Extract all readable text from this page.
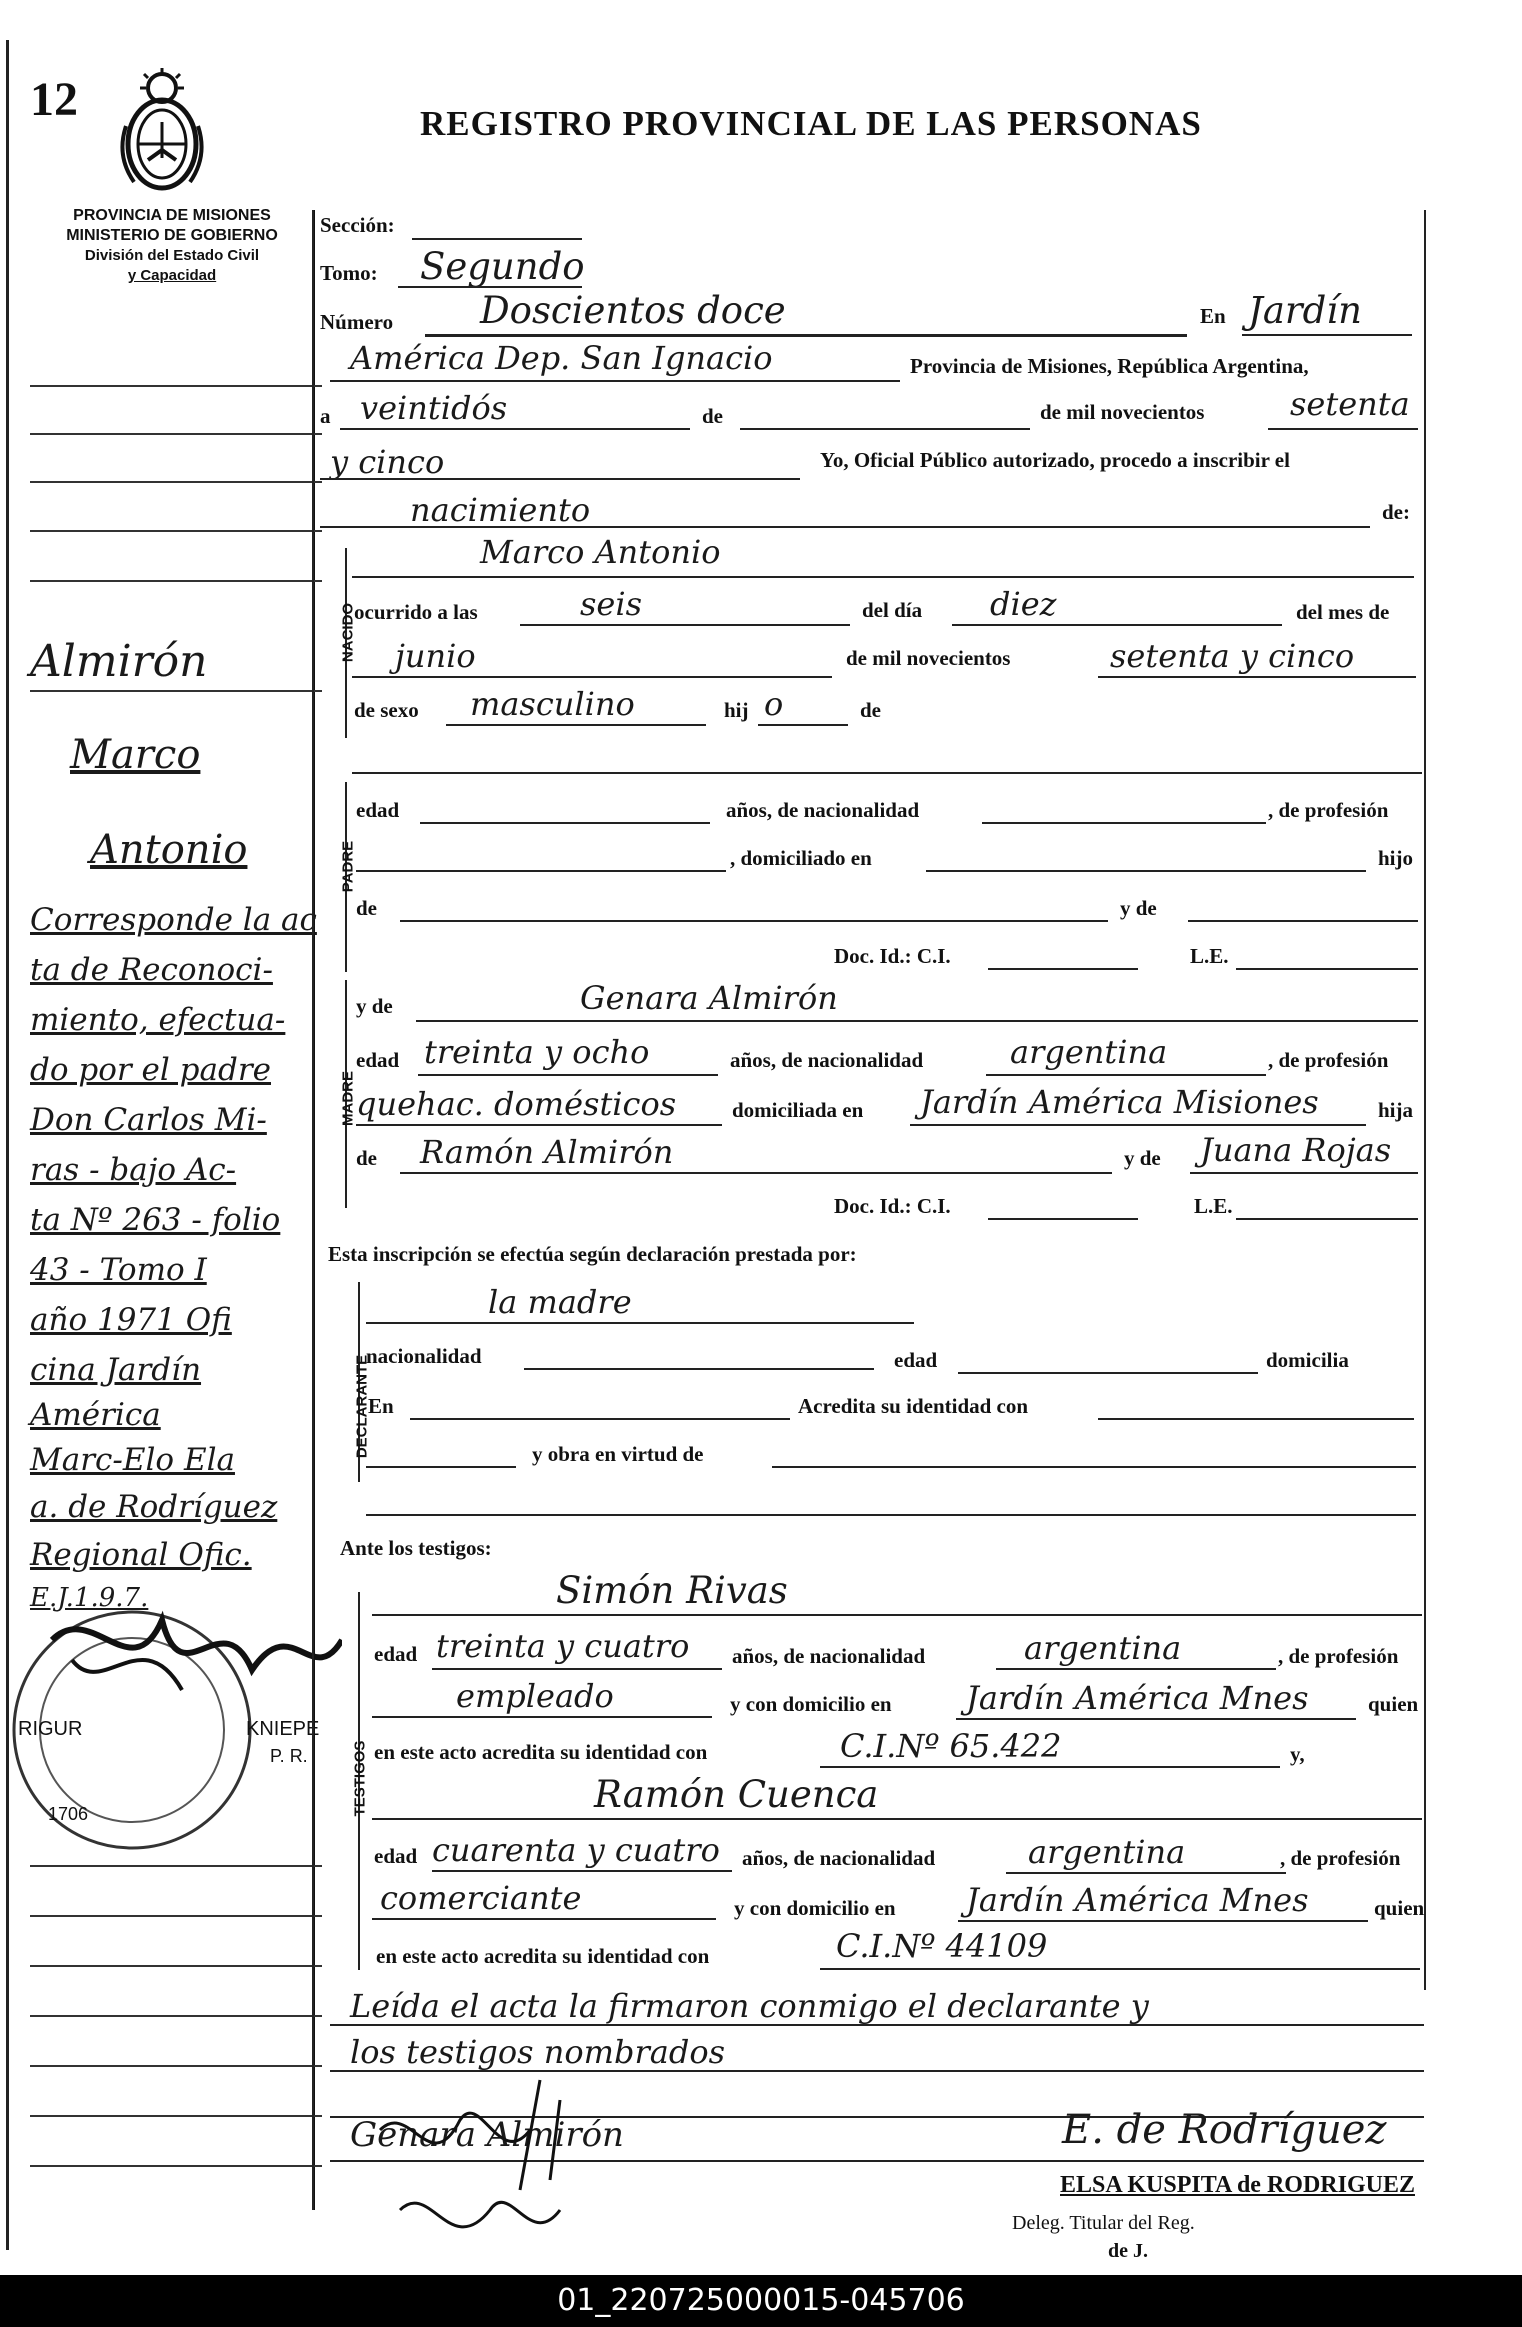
12	REGISTRO PROVINCIAL DE LAS PERSONAS
PROVINCIA DE MISIONES
MINISTERIO DE GOBIERNO
División del Estado Civil
y Capacidad
Almirón
Marco
Antonio
Corresponde la ac
ta de Reconoci-
miento, efectua-
do por el padre
Don Carlos Mi-
ras - bajo Ac-
ta Nº 263 - folio
43 - Tomo I
año 1971 Ofi
cina Jardín
América
Marc-Elo Ela
a. de Rodríguez
Regional Ofic.
E.J.1.9.7.
RIGUR	KNIEPE
P. R.
1706
Sección:
Tomo: Segundo
Número Doscientos doce	En Jardín
América Dep. San Ignacio	Provincia de Misiones, República Argentina,
a veintidós	de	de mil novecientos	setenta
y cinco	Yo, Oficial Público autorizado, procedo a inscribir el
nacimiento	de:
NACIDO
Marco Antonio
ocurrido a las	seis	del día diez	del mes de
junio	de mil novecientos	setenta y cinco
de sexo masculino	hij o	de
PADRE
edad	años, de nacionalidad	, de profesión
, domiciliado en	hijo
de	y de
Doc. Id.: C.I.	L.E.
MADRE
y de	Genara Almirón
edad treinta y ocho	años, de nacionalidad	argentina	, de profesión
quehac. domésticos	domiciliada en Jardín América Misiones	hija
de Ramón Almirón	y de Juana Rojas
Doc. Id.: C.I.	L.E.
Esta inscripción se efectúa según declaración prestada por:
DECLARANTE
la madre
nacionalidad	edad	domicilia
En	Acredita su identidad con
y obra en virtud de
Ante los testigos:
TESTIGOS
Simón Rivas
edad treinta y cuatro años, de nacionalidad	argentina	, de profesión
empleado	y con domicilio en Jardín América Mnes	quien
en este acto acredita su identidad con	C.I.Nº 65.422	y,
Ramón Cuenca
edad cuarenta y cuatro años, de nacionalidad	argentina	, de profesión
comerciante	y con domicilio en Jardín América Mnes	quien
en este acto acredita su identidad con	C.I.Nº 44109
Leída el acta la firmaron conmigo el declarante y
los testigos nombrados
Genara Almirón	E. de Rodríguez
ELSA KUSPITA de RODRIGUEZ
Deleg. Titular del Reg.
de J.
01_220725000015-045706
